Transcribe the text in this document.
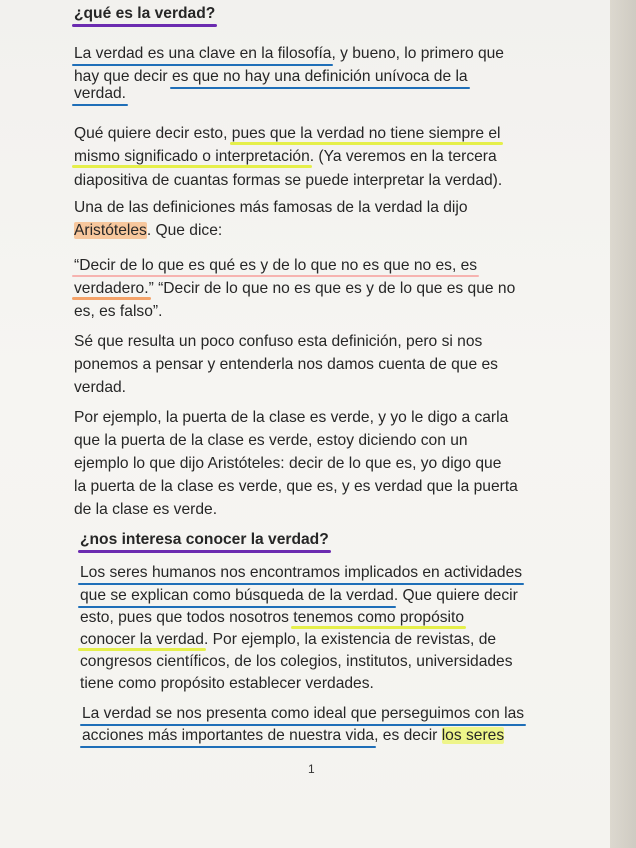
¿qué es la verdad?
La verdad es una clave en la filosofía, y bueno, lo primero que
hay que decir es que no hay una definición unívoca de la
verdad.
Qué quiere decir esto, pues que la verdad no tiene siempre el
mismo significado o interpretación. (Ya veremos en la tercera
diapositiva de cuantas formas se puede interpretar la verdad).
Una de las definiciones más famosas de la verdad la dijo
Aristóteles. Que dice:
“Decir de lo que es qué es y de lo que no es que no es, es
verdadero.” “Decir de lo que no es que es y de lo que es que no
es, es falso”.
Sé que resulta un poco confuso esta definición, pero si nos
ponemos a pensar y entenderla nos damos cuenta de que es
verdad.
Por ejemplo, la puerta de la clase es verde, y yo le digo a carla
que la puerta de la clase es verde, estoy diciendo con un
ejemplo lo que dijo Aristóteles: decir de lo que es, yo digo que
la puerta de la clase es verde, que es, y es verdad que la puerta
de la clase es verde.
¿nos interesa conocer la verdad?
Los seres humanos nos encontramos implicados en actividades
que se explican como búsqueda de la verdad. Que quiere decir
esto, pues que todos nosotros tenemos como propósito
conocer la verdad. Por ejemplo, la existencia de revistas, de
congresos científicos, de los colegios, institutos, universidades
tiene como propósito establecer verdades.
La verdad se nos presenta como ideal que perseguimos con las
acciones más importantes de nuestra vida, es decir los seres
1
